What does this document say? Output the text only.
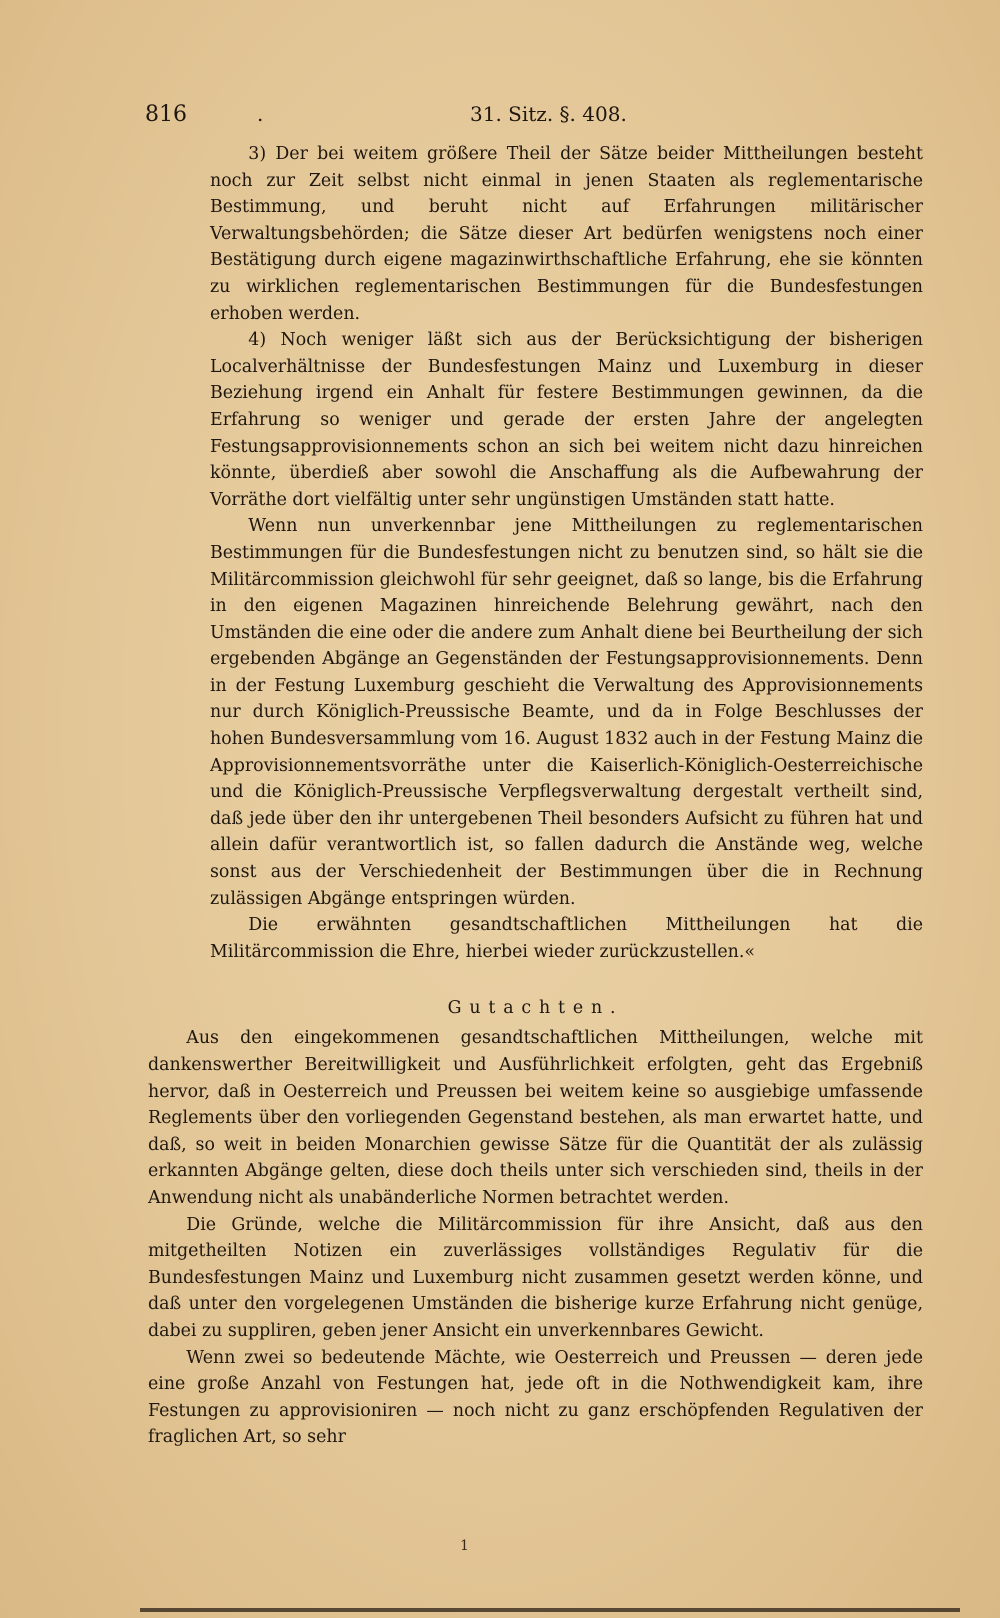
816	.	31. Sitz. §. 408.

3) Der bei weitem größere Theil der Sätze beider Mittheilungen besteht noch zur Zeit selbst nicht einmal in jenen Staaten als reglementarische Bestimmung, und beruht nicht auf Erfahrungen militärischer Verwaltungsbehörden; die Sätze dieser Art bedürfen wenigstens noch einer Bestätigung durch eigene magazinwirthschaftliche Erfahrung, ehe sie könnten zu wirklichen reglementarischen Bestimmungen für die Bundesfestungen erhoben werden.

4) Noch weniger läßt sich aus der Berücksichtigung der bisherigen Localverhältnisse der Bundesfestungen Mainz und Luxemburg in dieser Beziehung irgend ein Anhalt für festere Bestimmungen gewinnen, da die Erfahrung so weniger und gerade der ersten Jahre der angelegten Festungsapprovisionnements schon an sich bei weitem nicht dazu hinreichen könnte, überdieß aber sowohl die Anschaffung als die Aufbewahrung der Vorräthe dort vielfältig unter sehr ungünstigen Umständen statt hatte.

Wenn nun unverkennbar jene Mittheilungen zu reglementarischen Bestimmungen für die Bundesfestungen nicht zu benutzen sind, so hält sie die Militärcommission gleichwohl für sehr geeignet, daß so lange, bis die Erfahrung in den eigenen Magazinen hinreichende Belehrung gewährt, nach den Umständen die eine oder die andere zum Anhalt diene bei Beurtheilung der sich ergebenden Abgänge an Gegenständen der Festungsapprovisionnements. Denn in der Festung Luxemburg geschieht die Verwaltung des Approvisionnements nur durch Königlich-Preussische Beamte, und da in Folge Beschlusses der hohen Bundesversammlung vom 16. August 1832 auch in der Festung Mainz die Approvisionnementsvorräthe unter die Kaiserlich-Königlich-Oesterreichische und die Königlich-Preussische Verpflegsverwaltung dergestalt vertheilt sind, daß jede über den ihr untergebenen Theil besonders Aufsicht zu führen hat und allein dafür verantwortlich ist, so fallen dadurch die Anstände weg, welche sonst aus der Verschiedenheit der Bestimmungen über die in Rechnung zulässigen Abgänge entspringen würden.

Die erwähnten gesandtschaftlichen Mittheilungen hat die Militärcommission die Ehre, hierbei wieder zurückzustellen.«

Gutachten.

Aus den eingekommenen gesandtschaftlichen Mittheilungen, welche mit dankenswerther Bereitwilligkeit und Ausführlichkeit erfolgten, geht das Ergebniß hervor, daß in Oesterreich und Preussen bei weitem keine so ausgiebige umfassende Reglements über den vorliegenden Gegenstand bestehen, als man erwartet hatte, und daß, so weit in beiden Monarchien gewisse Sätze für die Quantität der als zulässig erkannten Abgänge gelten, diese doch theils unter sich verschieden sind, theils in der Anwendung nicht als unabänderliche Normen betrachtet werden.

Die Gründe, welche die Militärcommission für ihre Ansicht, daß aus den mitgetheilten Notizen ein zuverlässiges vollständiges Regulativ für die Bundesfestungen Mainz und Luxemburg nicht zusammen gesetzt werden könne, und daß unter den vorgelegenen Umständen die bisherige kurze Erfahrung nicht genüge, dabei zu suppliren, geben jener Ansicht ein unverkennbares Gewicht.

Wenn zwei so bedeutende Mächte, wie Oesterreich und Preussen — deren jede eine große Anzahl von Festungen hat, jede oft in die Nothwendigkeit kam, ihre Festungen zu approvisioniren — noch nicht zu ganz erschöpfenden Regulativen der fraglichen Art, so sehr

1
